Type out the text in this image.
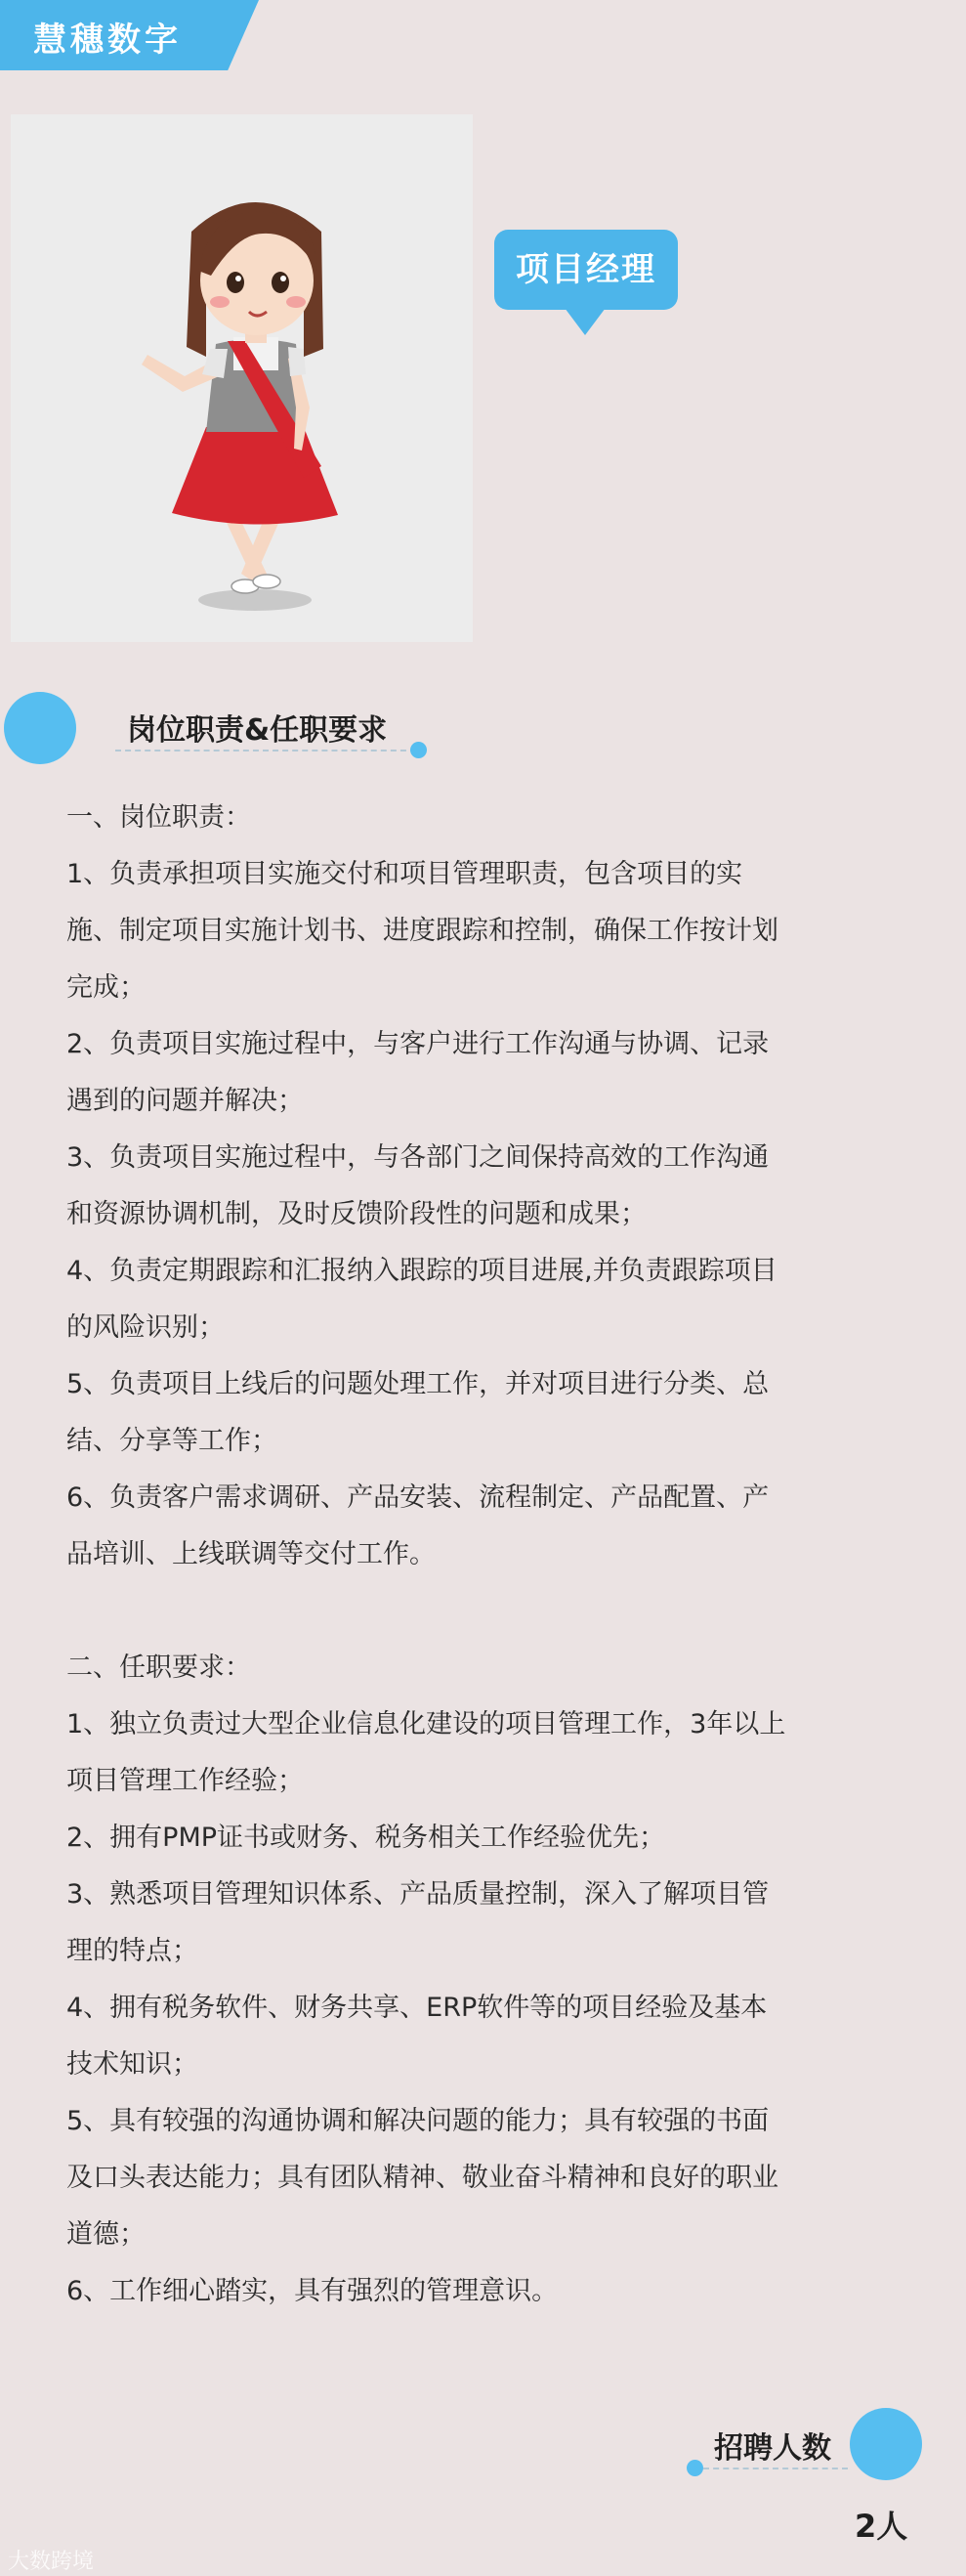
慧穗数字
项目经理
岗位职责&任职要求

一、岗位职责：

1、负责承担项目实施交付和项目管理职责，包含项目的实

施、制定项目实施计划书、进度跟踪和控制，确保工作按计划

完成；

2、负责项目实施过程中，与客户进行工作沟通与协调、记录

遇到的问题并解决；

3、负责项目实施过程中，与各部门之间保持高效的工作沟通

和资源协调机制，及时反馈阶段性的问题和成果；

4、负责定期跟踪和汇报纳入跟踪的项目进展,并负责跟踪项目

的风险识别；

5、负责项目上线后的问题处理工作，并对项目进行分类、总

结、分享等工作；

6、负责客户需求调研、产品安装、流程制定、产品配置、产

品培训、上线联调等交付工作。

二、任职要求：

1、独立负责过大型企业信息化建设的项目管理工作，3年以上

项目管理工作经验；

2、拥有PMP证书或财务、税务相关工作经验优先；

3、熟悉项目管理知识体系、产品质量控制，深入了解项目管

理的特点；

4、拥有税务软件、财务共享、ERP软件等的项目经验及基本

技术知识；

5、具有较强的沟通协调和解决问题的能力；具有较强的书面

及口头表达能力；具有团队精神、敬业奋斗精神和良好的职业

道德；

6、工作细心踏实，具有强烈的管理意识。

招聘人数
2人
大数跨境
